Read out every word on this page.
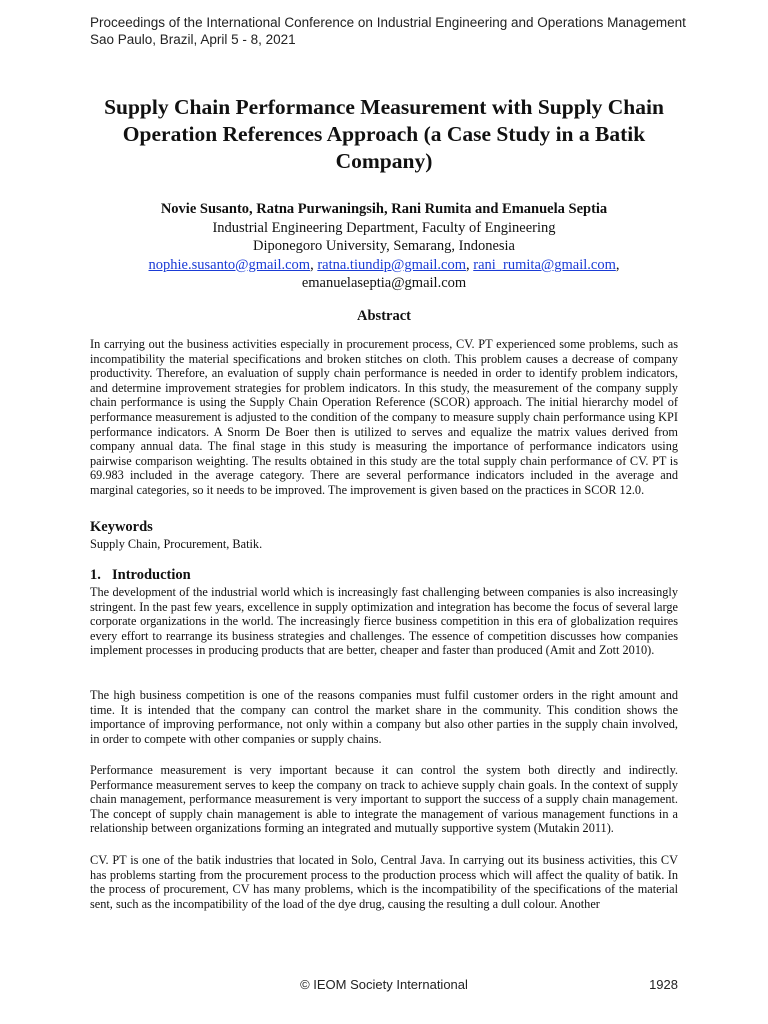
Proceedings of the International Conference on Industrial Engineering and Operations Management
Sao Paulo, Brazil, April 5 - 8, 2021
Supply Chain Performance Measurement with Supply Chain Operation References Approach (a Case Study in a Batik Company)
Novie Susanto, Ratna Purwaningsih, Rani Rumita and Emanuela Septia
Industrial Engineering Department, Faculty of Engineering
Diponegoro University, Semarang, Indonesia
nophie.susanto@gmail.com, ratna.tiundip@gmail.com, rani_rumita@gmail.com,
emanuelaseptia@gmail.com
Abstract

In carrying out the business activities especially in procurement process, CV. PT experienced some problems, such as incompatibility the material specifications and broken stitches on cloth. This problem causes a decrease of company productivity. Therefore, an evaluation of supply chain performance is needed in order to identify problem indicators, and determine improvement strategies for problem indicators. In this study, the measurement of the company supply chain performance is using the Supply Chain Operation Reference (SCOR) approach. The initial hierarchy model of performance measurement is adjusted to the condition of the company to measure supply chain performance using KPI performance indicators. A Snorm De Boer then is utilized to serves and equalize the matrix values derived from company annual data. The final stage in this study is measuring the importance of performance indicators using pairwise comparison weighting. The results obtained in this study are the total supply chain performance of CV. PT is 69.983 included in the average category. There are several performance indicators included in the average and marginal categories, so it needs to be improved. The improvement is given based on the practices in SCOR 12.0.

Keywords

Supply Chain, Procurement, Batik.

1. Introduction

The development of the industrial world which is increasingly fast challenging between companies is also increasingly stringent. In the past few years, excellence in supply optimization and integration has become the focus of several large corporate organizations in the world. The increasingly fierce business competition in this era of globalization requires every effort to rearrange its business strategies and challenges. The essence of competition discusses how companies implement processes in producing products that are better, cheaper and faster than produced (Amit and Zott 2010).

The high business competition is one of the reasons companies must fulfil customer orders in the right amount and time. It is intended that the company can control the market share in the community. This condition shows the importance of improving performance, not only within a company but also other parties in the supply chain involved, in order to compete with other companies or supply chains.

Performance measurement is very important because it can control the system both directly and indirectly. Performance measurement serves to keep the company on track to achieve supply chain goals. In the context of supply chain management, performance measurement is very important to support the success of a supply chain management. The concept of supply chain management is able to integrate the management of various management functions in a relationship between organizations forming an integrated and mutually supportive system (Mutakin 2011).

CV. PT is one of the batik industries that located in Solo, Central Java. In carrying out its business activities, this CV has problems starting from the procurement process to the production process which will affect the quality of batik. In the process of procurement, CV has many problems, which is the incompatibility of the specifications of the material sent, such as the incompatibility of the load of the dye drug, causing the resulting a dull colour. Another

© IEOM Society International	1928
